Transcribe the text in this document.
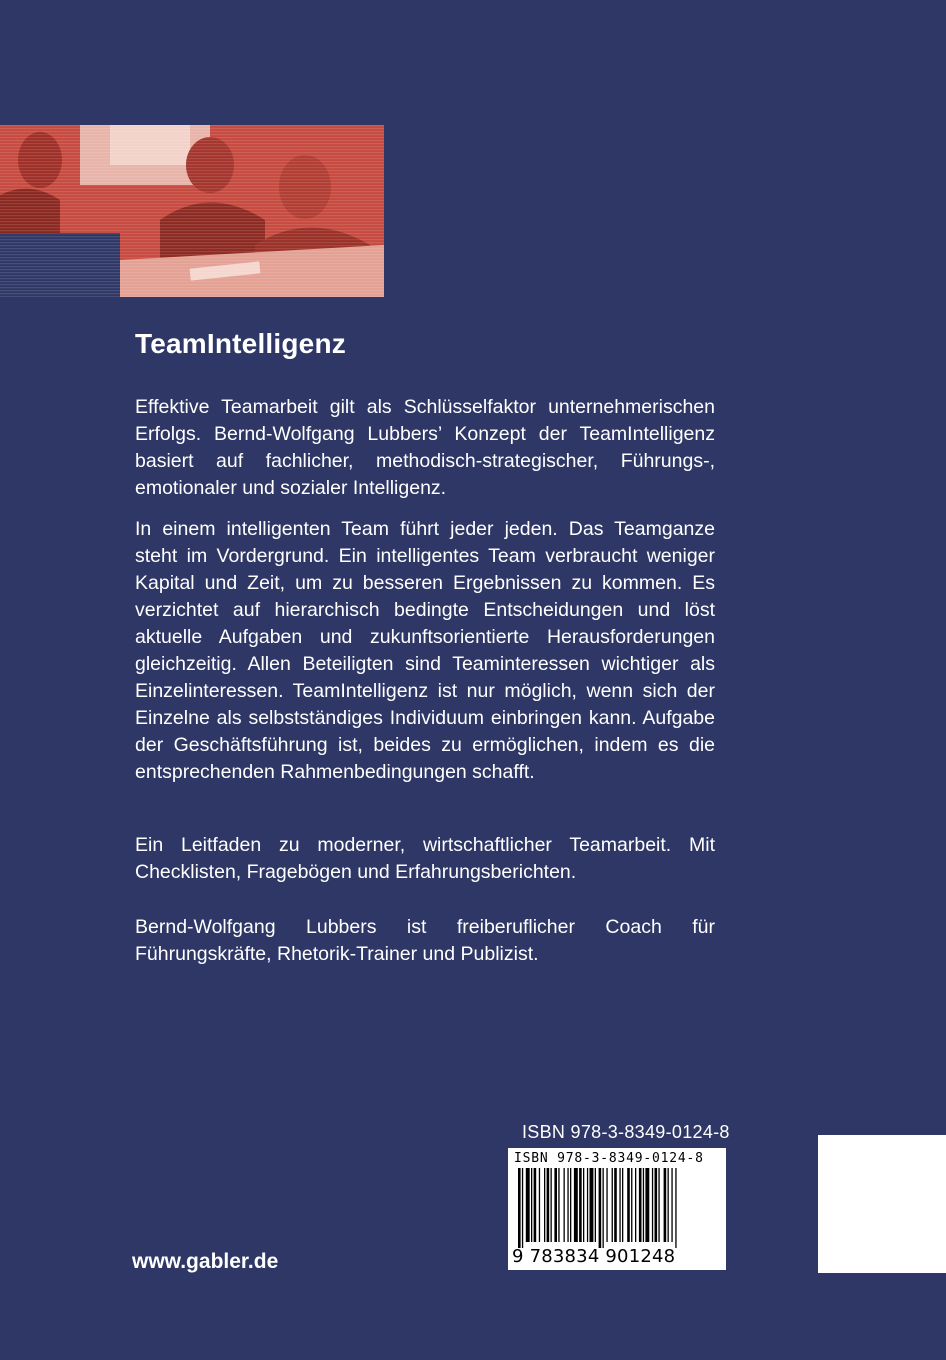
TeamIntelligenz

Effektive Teamarbeit gilt als Schlüsselfaktor unternehmerischen Erfolgs. Bernd-Wolfgang Lubbers’ Konzept der TeamIntelligenz basiert auf fachlicher, methodisch-strategischer, Führungs-, emotionaler und sozialer Intelligenz.

In einem intelligenten Team führt jeder jeden. Das Teamganze steht im Vordergrund. Ein intelligentes Team verbraucht weniger Kapital und Zeit, um zu besseren Ergebnissen zu kommen. Es verzichtet auf hierarchisch bedingte Entscheidungen und löst aktuelle Aufgaben und zukunftsorientierte Herausforderungen gleichzeitig. Allen Beteiligten sind Teaminteressen wichtiger als Einzelinteressen. TeamIntelligenz ist nur möglich, wenn sich der Einzelne als selbstständiges Individuum einbringen kann. Aufgabe der Geschäftsführung ist, beides zu ermöglichen, indem es die entsprechenden Rahmenbedingungen schafft.

Ein Leitfaden zu moderner, wirtschaftlicher Teamarbeit. Mit Checklisten, Fragebögen und Erfahrungsberichten.

Bernd-Wolfgang Lubbers ist freiberuflicher Coach für Führungskräfte, Rhetorik-Trainer und Publizist.

ISBN 978-3-8349-0124-8
ISBN 978-3-8349-0124-8
9 783834 901248
www.gabler.de
